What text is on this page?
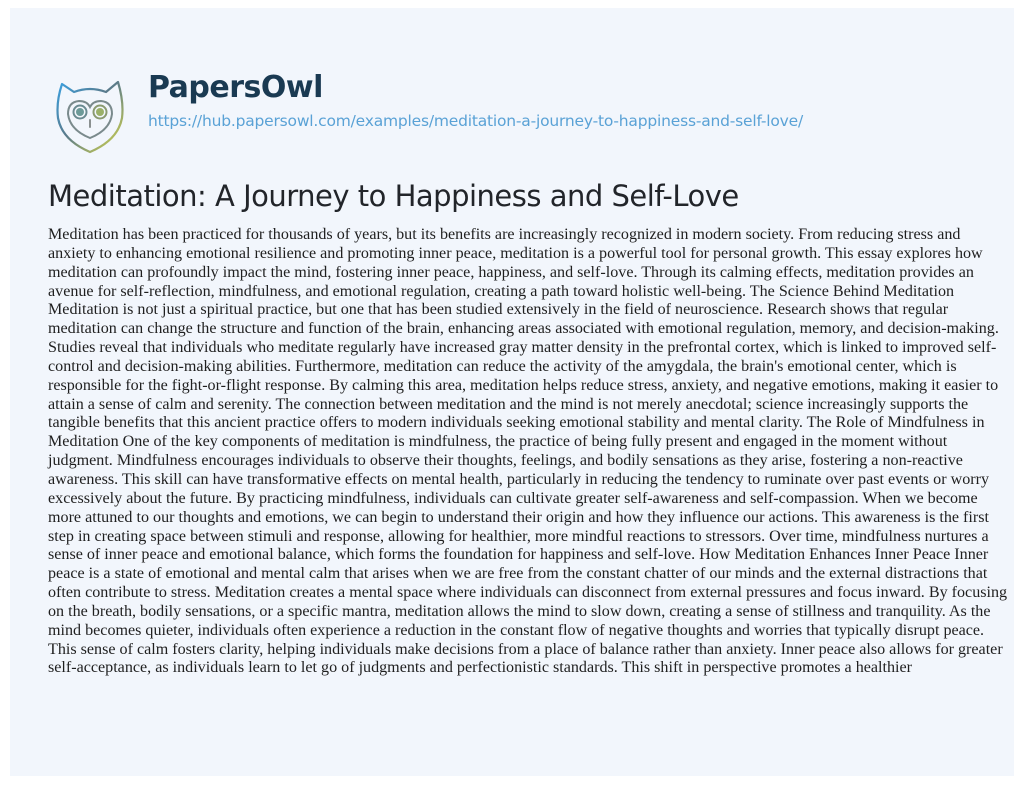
PapersOwl
https://hub.papersowl.com/examples/meditation-a-journey-to-happiness-and-self-love/
Meditation: A Journey to Happiness and Self-Love

Meditation has been practiced for thousands of years, but its benefits are increasingly recognized in modern society. From reducing stress and anxiety to enhancing emotional resilience and promoting inner peace, meditation is a powerful tool for personal growth. This essay explores how meditation can profoundly impact the mind, fostering inner peace, happiness, and self-love. Through its calming effects, meditation provides an avenue for self-reflection, mindfulness, and emotional regulation, creating a path toward holistic well-being. The Science Behind Meditation Meditation is not just a spiritual practice, but one that has been studied extensively in the field of neuroscience. Research shows that regular meditation can change the structure and function of the brain, enhancing areas associated with emotional regulation, memory, and decision-making. Studies reveal that individuals who meditate regularly have increased gray matter density in the prefrontal cortex, which is linked to improved self-control and decision-making abilities. Furthermore, meditation can reduce the activity of the amygdala, the brain's emotional center, which is responsible for the fight-or-flight response. By calming this area, meditation helps reduce stress, anxiety, and negative emotions, making it easier to attain a sense of calm and serenity. The connection between meditation and the mind is not merely anecdotal; science increasingly supports the tangible benefits that this ancient practice offers to modern individuals seeking emotional stability and mental clarity. The Role of Mindfulness in Meditation One of the key components of meditation is mindfulness, the practice of being fully present and engaged in the moment without judgment. Mindfulness encourages individuals to observe their thoughts, feelings, and bodily sensations as they arise, fostering a non-reactive awareness. This skill can have transformative effects on mental health, particularly in reducing the tendency to ruminate over past events or worry excessively about the future. By practicing mindfulness, individuals can cultivate greater self-awareness and self-compassion. When we become more attuned to our thoughts and emotions, we can begin to understand their origin and how they influence our actions. This awareness is the first step in creating space between stimuli and response, allowing for healthier, more mindful reactions to stressors. Over time, mindfulness nurtures a sense of inner peace and emotional balance, which forms the foundation for happiness and self-love. How Meditation Enhances Inner Peace Inner peace is a state of emotional and mental calm that arises when we are free from the constant chatter of our minds and the external distractions that often contribute to stress. Meditation creates a mental space where individuals can disconnect from external pressures and focus inward. By focusing on the breath, bodily sensations, or a specific mantra, meditation allows the mind to slow down, creating a sense of stillness and tranquility. As the mind becomes quieter, individuals often experience a reduction in the constant flow of negative thoughts and worries that typically disrupt peace. This sense of calm fosters clarity, helping individuals make decisions from a place of balance rather than anxiety. Inner peace also allows for greater self-acceptance, as individuals learn to let go of judgments and perfectionistic standards. This shift in perspective promotes a healthier
